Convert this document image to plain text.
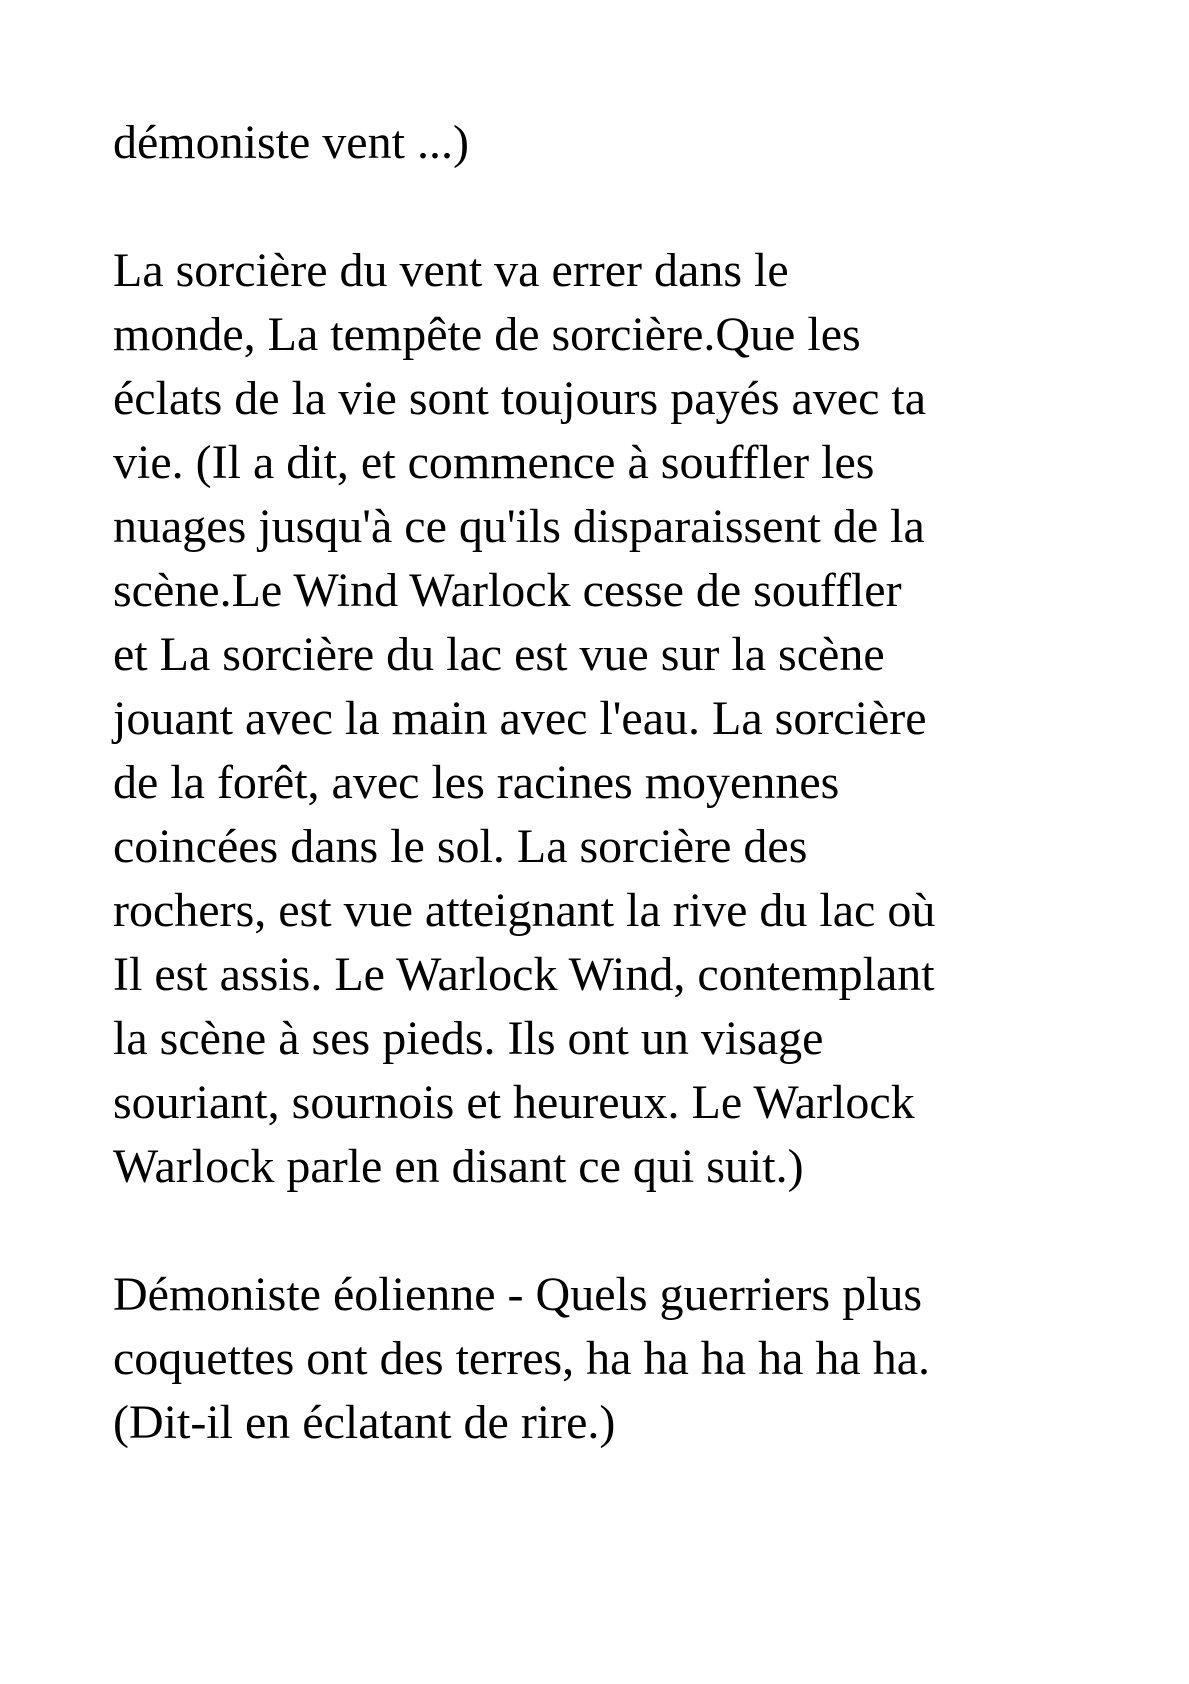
démoniste vent ...)
La sorcière du vent va errer dans le
monde, La tempête de sorcière.Que les
éclats de la vie sont toujours payés avec ta
vie. (Il a dit, et commence à souffler les
nuages jusqu'à ce qu'ils disparaissent de la
scène.Le Wind Warlock cesse de souffler
et La sorcière du lac est vue sur la scène
jouant avec la main avec l'eau. La sorcière
de la forêt, avec les racines moyennes
coincées dans le sol. La sorcière des
rochers, est vue atteignant la rive du lac où
Il est assis. Le Warlock Wind, contemplant
la scène à ses pieds. Ils ont un visage
souriant, sournois et heureux. Le Warlock
Warlock parle en disant ce qui suit.)
Démoniste éolienne - Quels guerriers plus
coquettes ont des terres, ha ha ha ha ha ha.
(Dit-il en éclatant de rire.)
